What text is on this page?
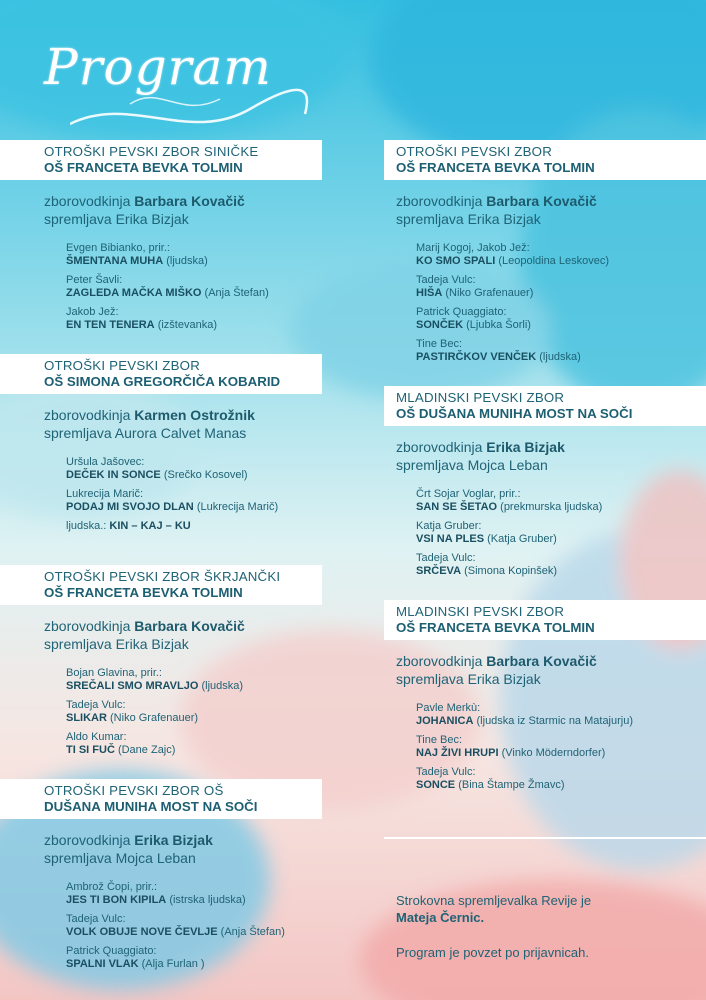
Program
OTROŠKI PEVSKI ZBOR SINIČKE
OŠ FRANCETA BEVKA TOLMIN
zborovodkinja Barbara Kovačič
spremljava Erika Bizjak
Evgen Bibianko, prir.:
ŠMENTANA MUHA (ljudska)
Peter Šavli:
ZAGLEDA MAČKA MIŠKO (Anja Štefan)
Jakob Jež:
EN TEN TENERA (izštevanka)
OTROŠKI PEVSKI ZBOR
OŠ SIMONA GREGORČIČA KOBARID
zborovodkinja Karmen Ostrožnik
spremljava Aurora Calvet Manas
Uršula Jašovec:
DEČEK IN SONCE (Srečko Kosovel)
Lukrecija Marič:
PODAJ MI SVOJO DLAN (Lukrecija Marič)
ljudska.: KIN – KAJ – KU
OTROŠKI PEVSKI ZBOR ŠKRJANČKI
OŠ FRANCETA BEVKA TOLMIN
zborovodkinja Barbara Kovačič
spremljava Erika Bizjak
Bojan Glavina, prir.:
SREČALI SMO MRAVLJO (ljudska)
Tadeja Vulc:
SLIKAR (Niko Grafenauer)
Aldo Kumar:
TI SI FUČ (Dane Zajc)
OTROŠKI PEVSKI ZBOR OŠ
DUŠANA MUNIHA MOST NA SOČI
zborovodkinja Erika Bizjak
spremljava Mojca Leban
Ambrož Čopi, prir.:
JES TI BON KIPILA (istrska ljudska)
Tadeja Vulc:
VOLK OBUJE NOVE ČEVLJE (Anja Štefan)
Patrick Quaggiato:
SPALNI VLAK (Alja Furlan )
OTROŠKI PEVSKI ZBOR
OŠ FRANCETA BEVKA TOLMIN
zborovodkinja Barbara Kovačič
spremljava Erika Bizjak
Marij Kogoj, Jakob Jež:
KO SMO SPALI (Leopoldina Leskovec)
Tadeja Vulc:
HIŠA (Niko Grafenauer)
Patrick Quaggiato:
SONČEK (Ljubka Šorli)
Tine Bec:
PASTIRČKOV VENČEK (ljudska)
MLADINSKI PEVSKI ZBOR
OŠ DUŠANA MUNIHA MOST NA SOČI
zborovodkinja Erika Bizjak
spremljava Mojca Leban
Črt Sojar Voglar, prir.:
SAN SE ŠETAO (prekmurska ljudska)
Katja Gruber:
VSI NA PLES (Katja Gruber)
Tadeja Vulc:
SRČEVA (Simona Kopinšek)
MLADINSKI PEVSKI ZBOR
OŠ FRANCETA BEVKA TOLMIN
zborovodkinja Barbara Kovačič
spremljava Erika Bizjak
Pavle Merkù:
JOHANICA (ljudska iz Starmic na Matajurju)
Tine Bec:
NAJ ŽIVI HRUPI (Vinko Möderndorfer)
Tadeja Vulc:
SONCE (Bina Štampe Žmavc)
Strokovna spremljevalka Revije je
Mateja Černic.
Program je povzet po prijavnicah.
